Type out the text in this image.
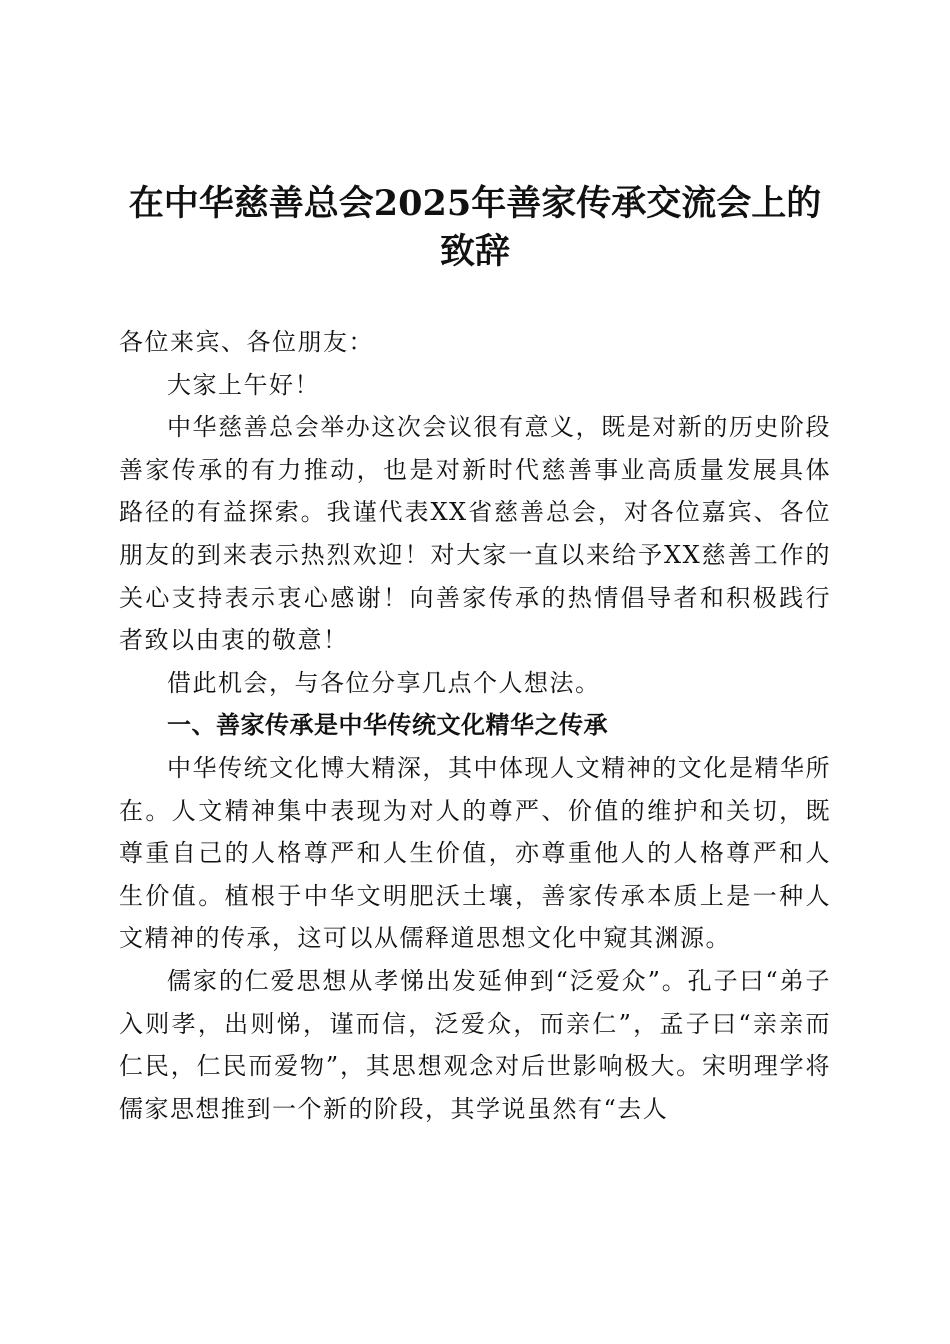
在中华慈善总会2025年善家传承交流会上的
致辞

各位来宾、各位朋友：

大家上午好！

中华慈善总会举办这次会议很有意义，既是对新的历史阶段善家传承的有力推动，也是对新时代慈善事业高质量发展具体路径的有益探索。我谨代表XX省慈善总会，对各位嘉宾、各位朋友的到来表示热烈欢迎！对大家一直以来给予XX慈善工作的关心支持表示衷心感谢！向善家传承的热情倡导者和积极践行者致以由衷的敬意！

借此机会，与各位分享几点个人想法。

一、善家传承是中华传统文化精华之传承

中华传统文化博大精深，其中体现人文精神的文化是精华所在。人文精神集中表现为对人的尊严、价值的维护和关切，既尊重自己的人格尊严和人生价值，亦尊重他人的人格尊严和人生价值。植根于中华文明肥沃土壤，善家传承本质上是一种人文精神的传承，这可以从儒释道思想文化中窥其渊源。

儒家的仁爱思想从孝悌出发延伸到“泛爱众”。孔子曰“弟子入则孝，出则悌，谨而信，泛爱众，而亲仁”，孟子曰“亲亲而仁民，仁民而爱物”，其思想观念对后世影响极大。宋明理学将儒家思想推到一个新的阶段，其学说虽然有“去人
